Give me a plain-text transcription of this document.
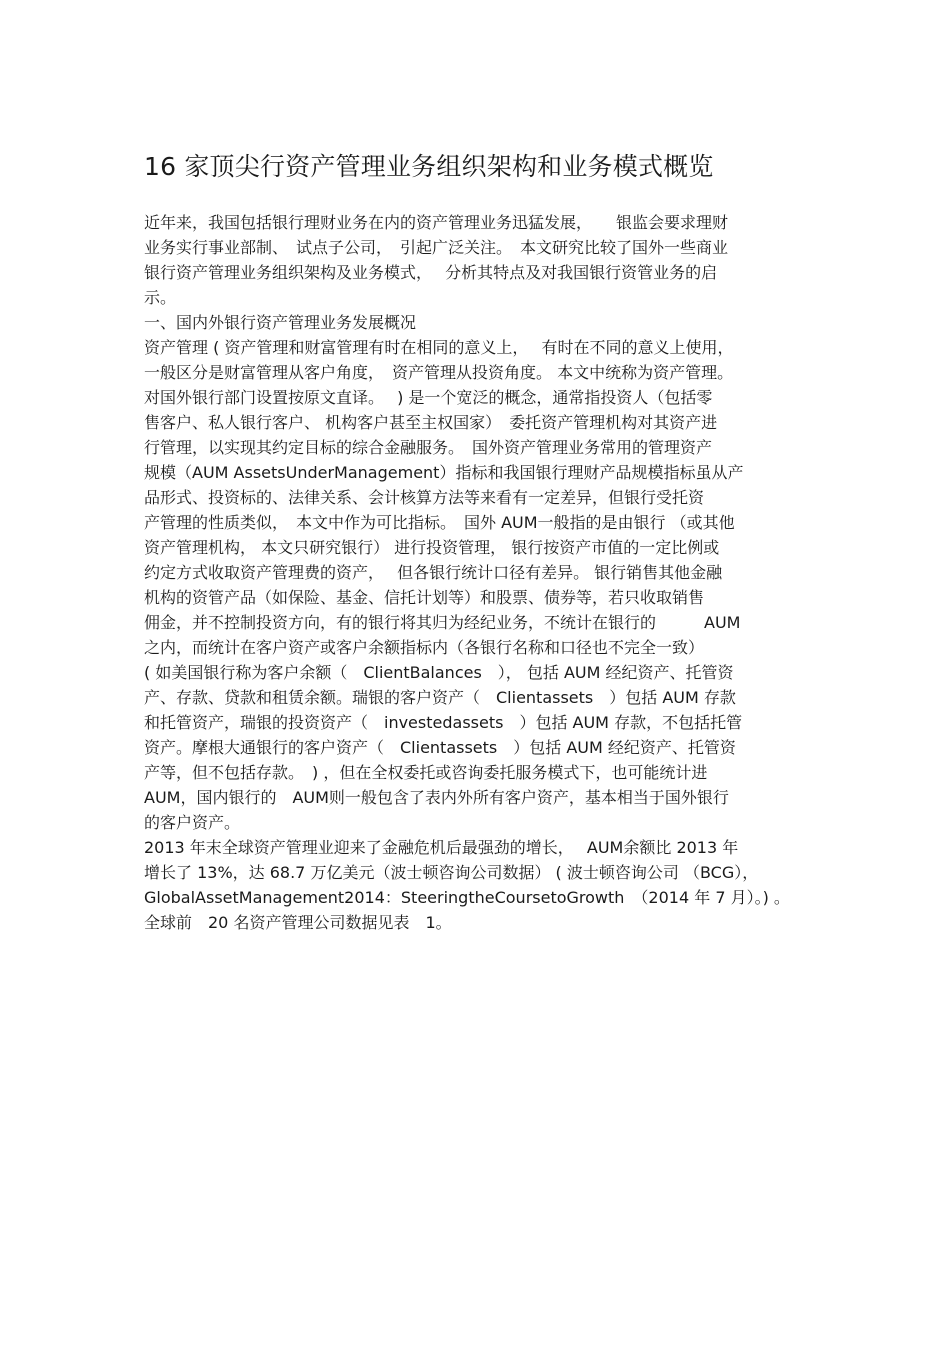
16 家顶尖行资产管理业务组织架构和业务模式概览
近年来，我国包括银行理财业务在内的资产管理业务迅猛发展，　　银监会要求理财
业务实行事业部制、　试点子公司，　引起广泛关注。　本文研究比较了国外一些商业
银行资产管理业务组织架构及业务模式，　 分析其特点及对我国银行资管业务的启
示。
一、国内外银行资产管理业务发展概况
资产管理 ( 资产管理和财富管理有时在相同的意义上，　 有时在不同的意义上使用，
一般区分是财富管理从客户角度，　资产管理从投资角度。 本文中统称为资产管理。
对国外银行部门设置按原文直译。　 ) 是一个宽泛的概念，通常指投资人（包括零
售客户、私人银行客户、 机构客户甚至主权国家）　委托资产管理机构对其资产进
行管理，以实现其约定目标的综合金融服务。　国外资产管理业务常用的管理资产
规模（AUM AssetsUnderManagement）指标和我国银行理财产品规模指标虽从产
品形式、投资标的、法律关系、会计核算方法等来看有一定差异，但银行受托资
产管理的性质类似，　本文中作为可比指标。　国外 AUM一般指的是由银行 （或其他
资产管理机构， 本文只研究银行） 进行投资管理， 银行按资产市值的一定比例或
约定方式收取资产管理费的资产，　 但各银行统计口径有差异。 银行销售其他金融
机构的资管产品（如保险、基金、信托计划等）和股票、债券等，若只收取销售
佣金，并不控制投资方向，有的银行将其归为经纪业务，不统计在银行的　　　AUM
之内，而统计在客户资产或客户余额指标内（各银行名称和口径也不完全一致）
( 如美国银行称为客户余额（　ClientBalances　）， 包括 AUM 经纪资产、托管资
产、存款、贷款和租赁余额。瑞银的客户资产（　Clientassets　）包括 AUM 存款
和托管资产，瑞银的投资资产（　investedassets　）包括 AUM 存款，不包括托管
资产。摩根大通银行的客户资产（　Clientassets　）包括 AUM 经纪资产、托管资
产等，但不包括存款。　) ，但在全权委托或咨询委托服务模式下，也可能统计进
AUM，国内银行的　AUM则一般包含了表内外所有客户资产，基本相当于国外银行
的客户资产。
2013 年末全球资产管理业迎来了金融危机后最强劲的增长，　 AUM余额比 2013 年
增长了 13%，达 68.7 万亿美元（波士顿咨询公司数据） ( 波士顿咨询公司 （BCG），
GlobalAssetManagement2014：SteeringtheCoursetoGrowth　（2014 年 7 月）。) 。
全球前　20 名资产管理公司数据见表　1。
